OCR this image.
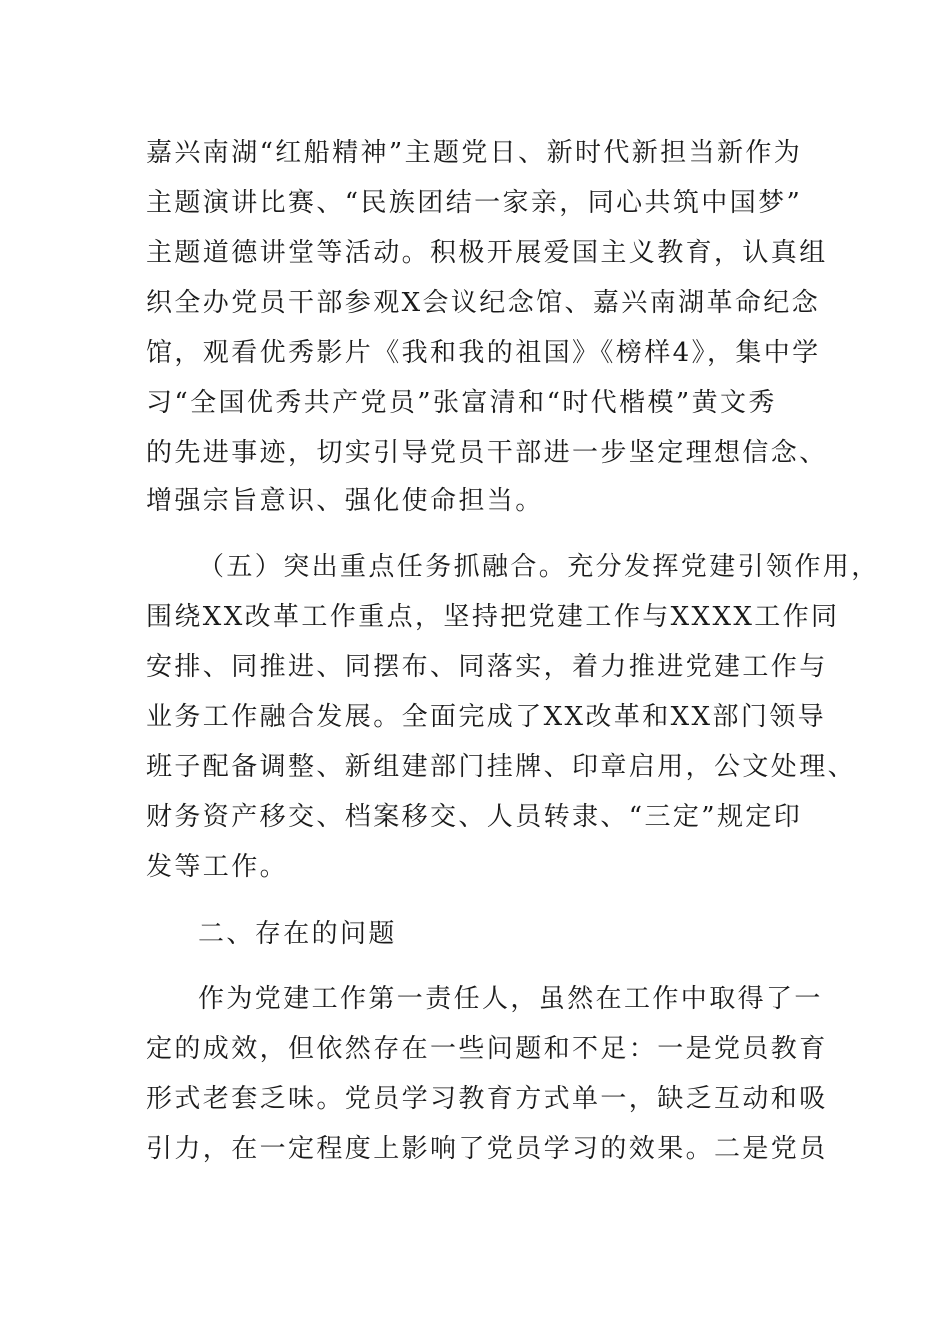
嘉兴南湖“红船精神”主题党日、新时代新担当新作为
主题演讲比赛、“民族团结一家亲，同心共筑中国梦”
主题道德讲堂等活动。积极开展爱国主义教育，认真组
织全办党员干部参观X会议纪念馆、嘉兴南湖革命纪念
馆，观看优秀影片《我和我的祖国》《榜样4》，集中学
习“全国优秀共产党员”张富清和“时代楷模”黄文秀
的先进事迹，切实引导党员干部进一步坚定理想信念、
增强宗旨意识、强化使命担当。
（五）突出重点任务抓融合。充分发挥党建引领作用，
围绕XX改革工作重点，坚持把党建工作与XXXX工作同
安排、同推进、同摆布、同落实，着力推进党建工作与
业务工作融合发展。全面完成了XX改革和XX部门领导
班子配备调整、新组建部门挂牌、印章启用，公文处理、
财务资产移交、档案移交、人员转隶、“三定”规定印
发等工作。
二、存在的问题
作为党建工作第一责任人，虽然在工作中取得了一
定的成效，但依然存在一些问题和不足：一是党员教育
形式老套乏味。党员学习教育方式单一，缺乏互动和吸
引力，在一定程度上影响了党员学习的效果。二是党员
